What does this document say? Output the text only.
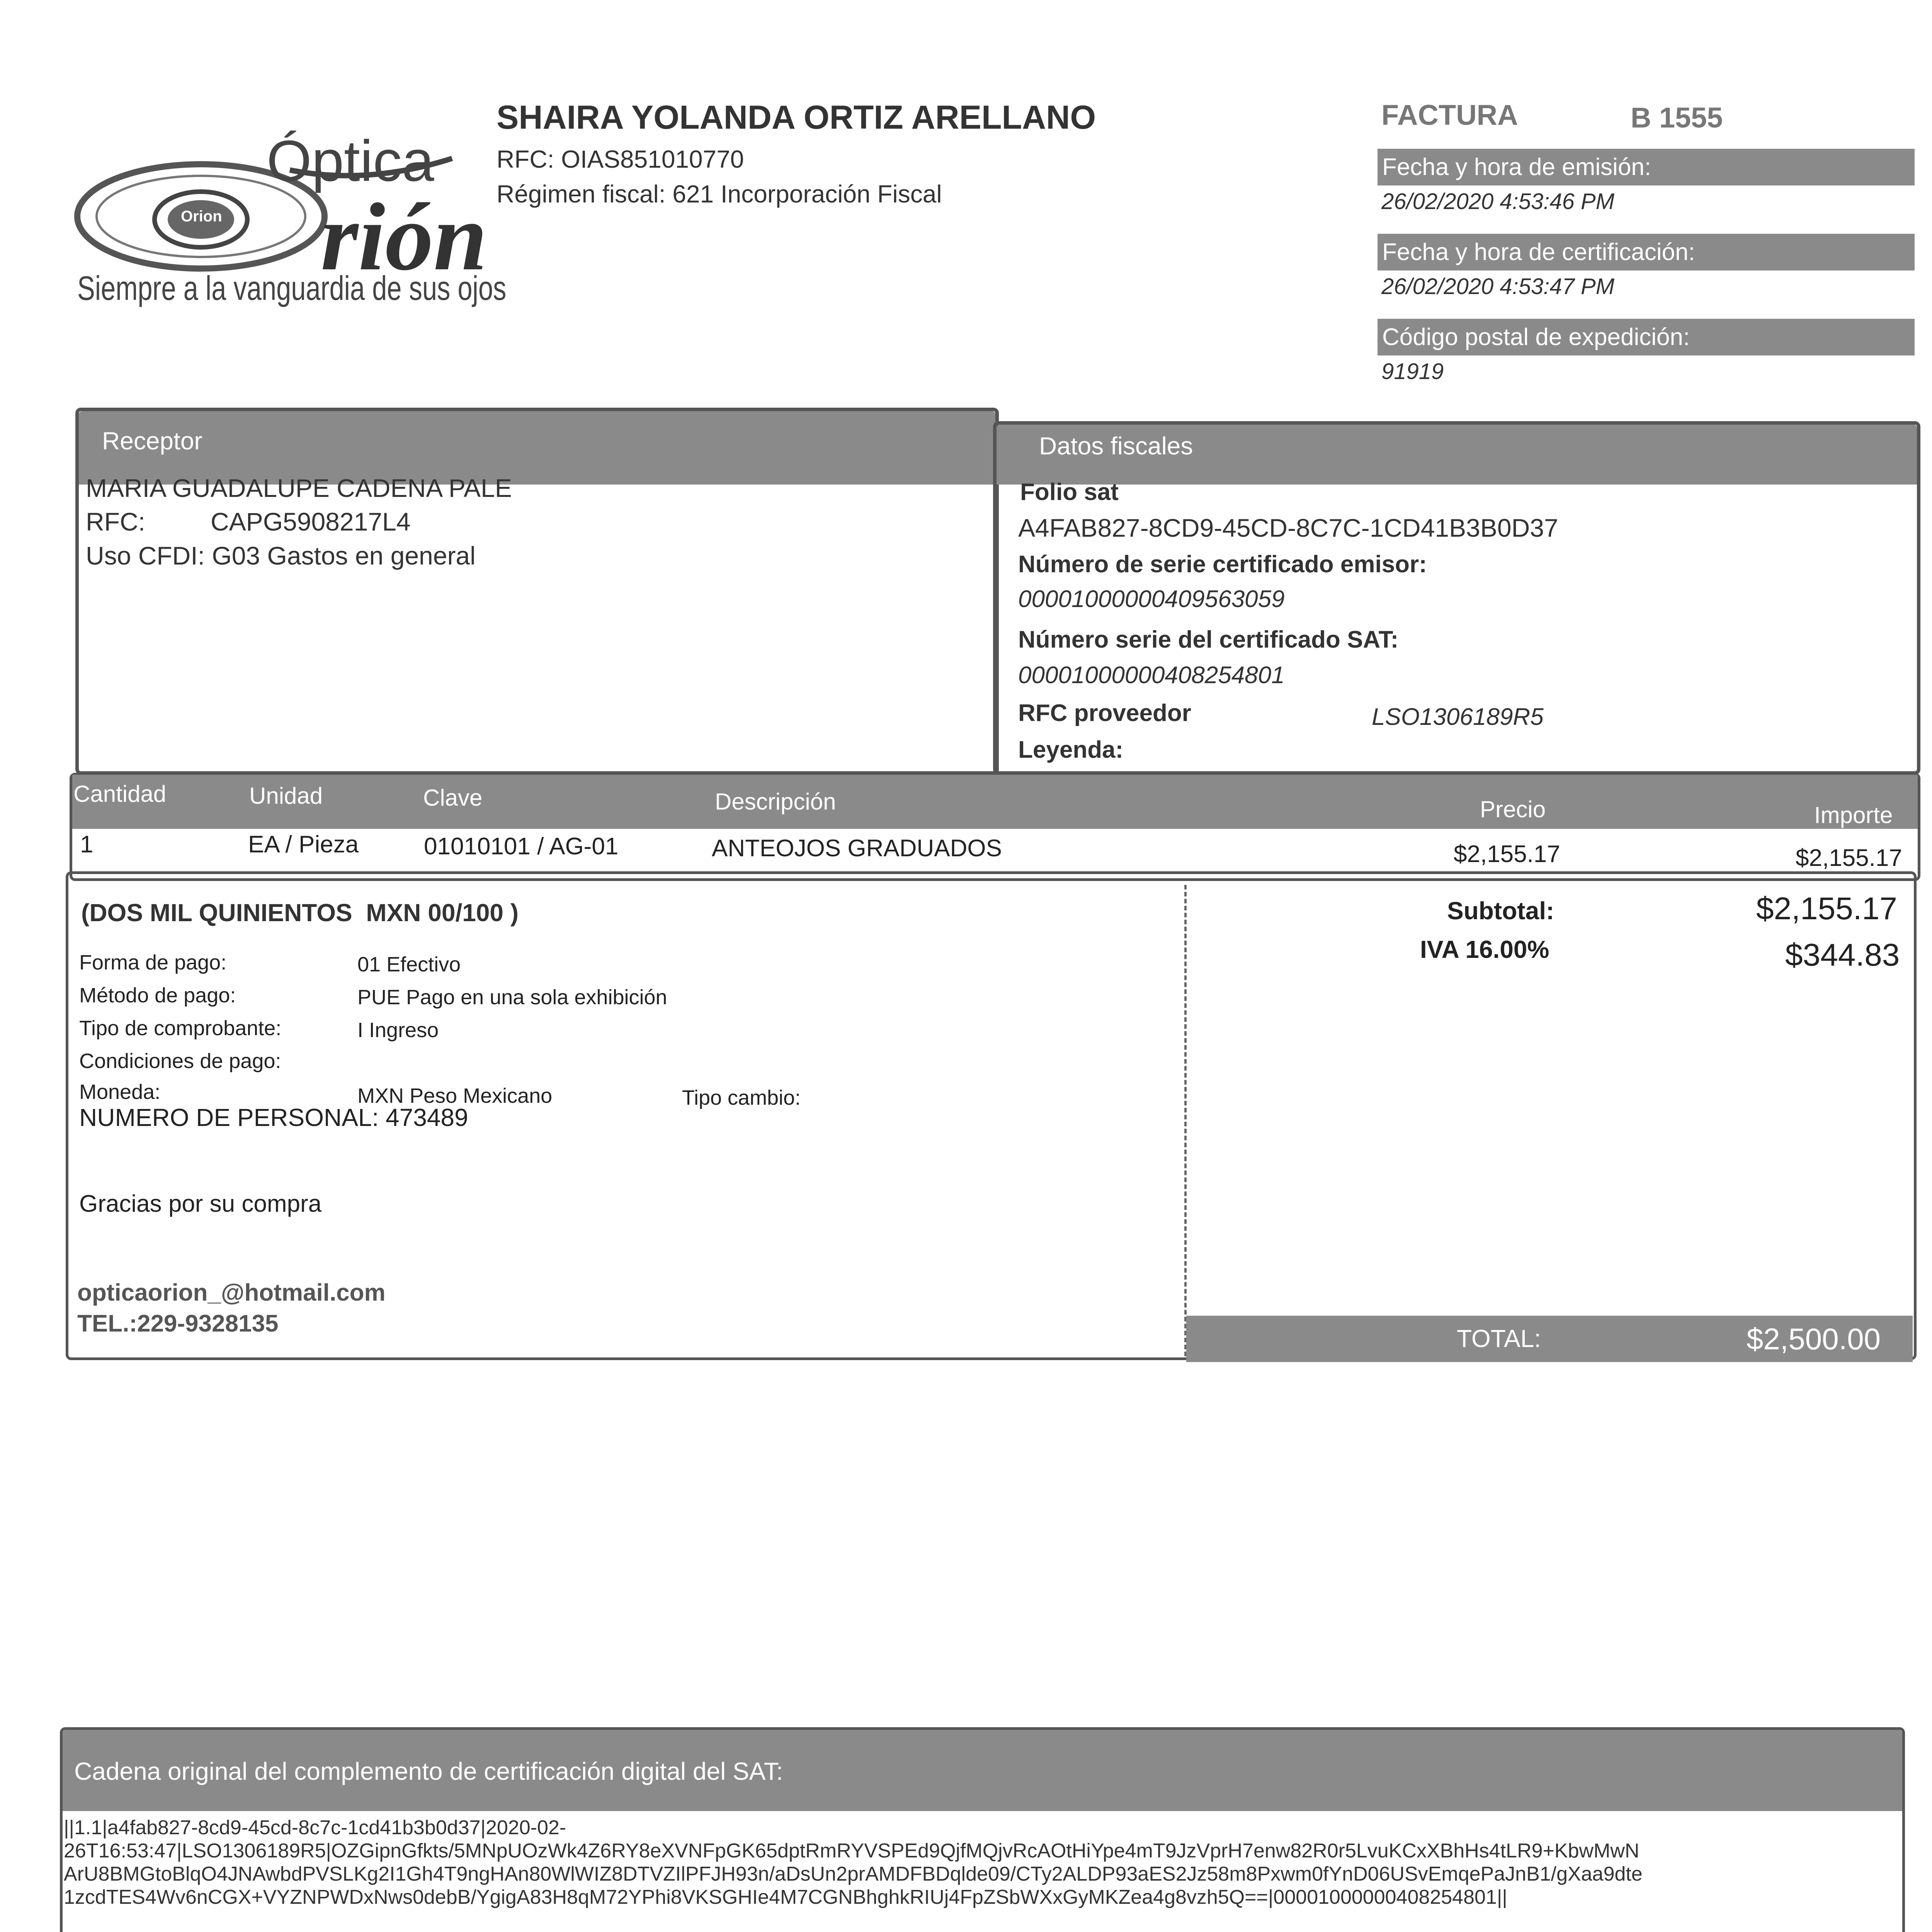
Óptica
rión
Orion
Siempre a la vanguardia de sus ojos
SHAIRA YOLANDA ORTIZ ARELLANO
RFC: OIAS851010770
Régimen fiscal: 621 Incorporación Fiscal
FACTURA	B 1555
Fecha y hora de emisión:
26/02/2020 4:53:46 PM
Fecha y hora de certificación:
26/02/2020 4:53:47 PM
Código postal de expedición:
91919
Receptor
MARIA GUADALUPE CADENA PALE
RFC:	CAPG5908217L4
Uso CFDI: G03 Gastos en general
Datos fiscales
Folio sat
A4FAB827-8CD9-45CD-8C7C-1CD41B3B0D37
Número de serie certificado emisor:
00001000000409563059
Número serie del certificado SAT:
00001000000408254801
RFC proveedor	LSO1306189R5
Leyenda:
Cantidad	Unidad	Clave	Descripción	Precio	Importe
1	EA / Pieza	01010101 / AG-01	ANTEOJOS GRADUADOS	$2,155.17	$2,155.17
(DOS MIL QUINIENTOS  MXN 00/100 )
Forma de pago:	01 Efectivo
Método de pago:	PUE Pago en una sola exhibición
Tipo de comprobante:	I Ingreso
Condiciones de pago:
Moneda:	MXN Peso Mexicano	Tipo cambio:
NUMERO DE PERSONAL: 473489
Gracias por su compra
opticaorion_@hotmail.com
TEL.:229-9328135
Subtotal:	$2,155.17
IVA 16.00%	$344.83
TOTAL:	$2,500.00
Cadena original del complemento de certificación digital del SAT:
||1.1|a4fab827-8cd9-45cd-8c7c-1cd41b3b0d37|2020-02-
26T16:53:47|LSO1306189R5|OZGipnGfkts/5MNpUOzWk4Z6RY8eXVNFpGK65dptRmRYVSPEd9QjfMQjvRcAOtHiYpe4mT9JzVprH7enw82R0r5LvuKCxXBhHs4tLR9+KbwMwN
ArU8BMGtoBlqO4JNAwbdPVSLKg2I1Gh4T9ngHAn80WlWIZ8DTVZIlPFJH93n/aDsUn2prAMDFBDqlde09/CTy2ALDP93aES2Jz58m8Pxwm0fYnD06USvEmqePaJnB1/gXaa9dte
1zcdTES4Wv6nCGX+VYZNPWDxNws0debB/YgigA83H8qM72YPhi8VKSGHIe4M7CGNBhghkRIUj4FpZSbWXxGyMKZea4g8vzh5Q==|00001000000408254801||
